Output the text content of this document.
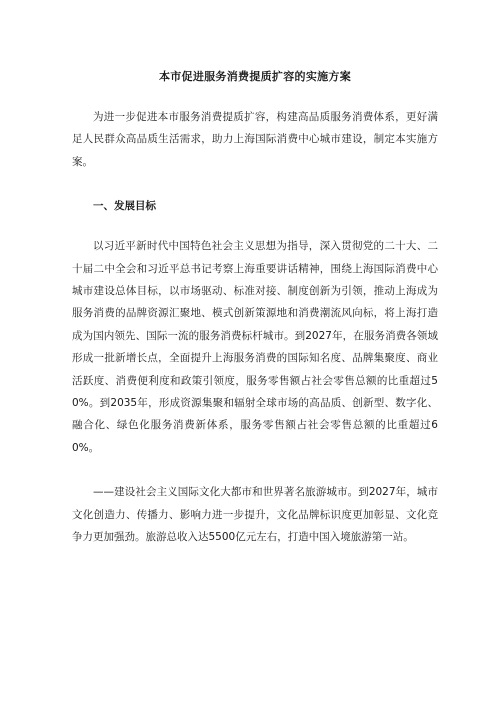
本市促进服务消费提质扩容的实施方案

为进一步促进本市服务消费提质扩容，构建高品质服务消费体系，更好满足人民群众高品质生活需求，助力上海国际消费中心城市建设，制定本实施方案。

一、发展目标

以习近平新时代中国特色社会主义思想为指导，深入贯彻党的二十大、二十届二中全会和习近平总书记考察上海重要讲话精神，围绕上海国际消费中心城市建设总体目标，以市场驱动、标准对接、制度创新为引领，推动上海成为服务消费的品牌资源汇聚地、模式创新策源地和消费潮流风向标，将上海打造成为国内领先、国际一流的服务消费标杆城市。到2027年，在服务消费各领域形成一批新增长点，全面提升上海服务消费的国际知名度、品牌集聚度、商业活跃度、消费便利度和政策引领度，服务零售额占社会零售总额的比重超过50%。到2035年，形成资源集聚和辐射全球市场的高品质、创新型、数字化、融合化、绿色化服务消费新体系，服务零售额占社会零售总额的比重超过60%。

——建设社会主义国际文化大都市和世界著名旅游城市。到2027年，城市文化创造力、传播力、影响力进一步提升，文化品牌标识度更加彰显、文化竞争力更加强劲。旅游总收入达5500亿元左右，打造中国入境旅游第一站。
